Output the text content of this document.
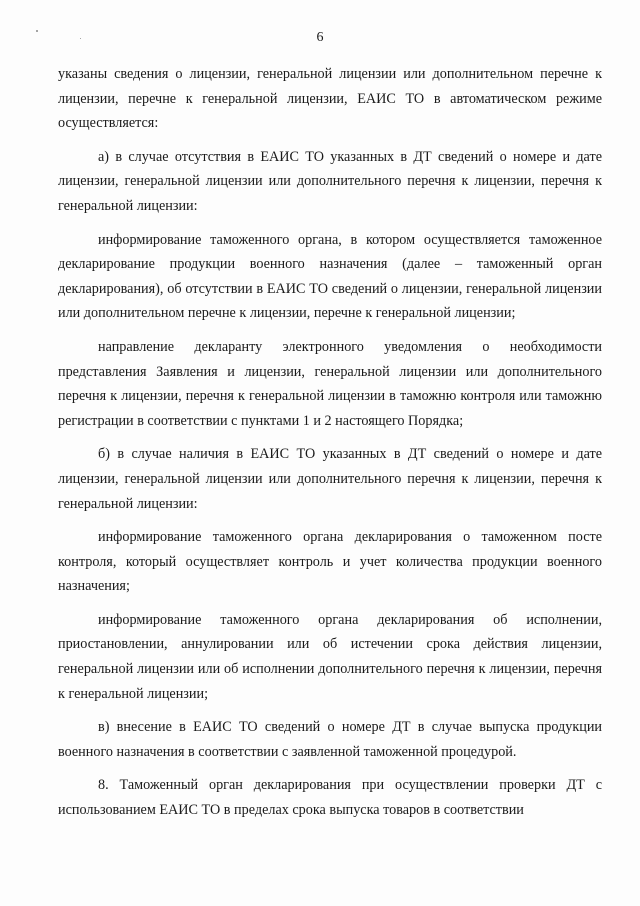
6

указаны сведения о лицензии, генеральной лицензии или дополнительном перечне к лицензии, перечне к генеральной лицензии, ЕАИС ТО в автоматическом режиме осуществляется:

а) в случае отсутствия в ЕАИС ТО указанных в ДТ сведений о номере и дате лицензии, генеральной лицензии или дополнительного перечня к лицензии, перечня к генеральной лицензии:

информирование таможенного органа, в котором осуществляется таможенное декларирование продукции военного назначения (далее – таможенный орган декларирования), об отсутствии в ЕАИС ТО сведений о лицензии, генеральной лицензии или дополнительном перечне к лицензии, перечне к генеральной лицензии;

направление декларанту электронного уведомления о необходимости представления Заявления и лицензии, генеральной лицензии или дополнительного перечня к лицензии, перечня к генеральной лицензии в таможню контроля или таможню регистрации в соответствии с пунктами 1 и 2 настоящего Порядка;

б) в случае наличия в ЕАИС ТО указанных в ДТ сведений о номере и дате лицензии, генеральной лицензии или дополнительного перечня к лицензии, перечня к генеральной лицензии:

информирование таможенного органа декларирования о таможенном посте контроля, который осуществляет контроль и учет количества продукции военного назначения;

информирование таможенного органа декларирования об исполнении, приостановлении, аннулировании или об истечении срока действия лицензии, генеральной лицензии или об исполнении дополнительного перечня к лицензии, перечня к генеральной лицензии;

в) внесение в ЕАИС ТО сведений о номере ДТ в случае выпуска продукции военного назначения в соответствии с заявленной таможенной процедурой.

8. Таможенный орган декларирования при осуществлении проверки ДТ с использованием ЕАИС ТО в пределах срока выпуска товаров в соответствии
